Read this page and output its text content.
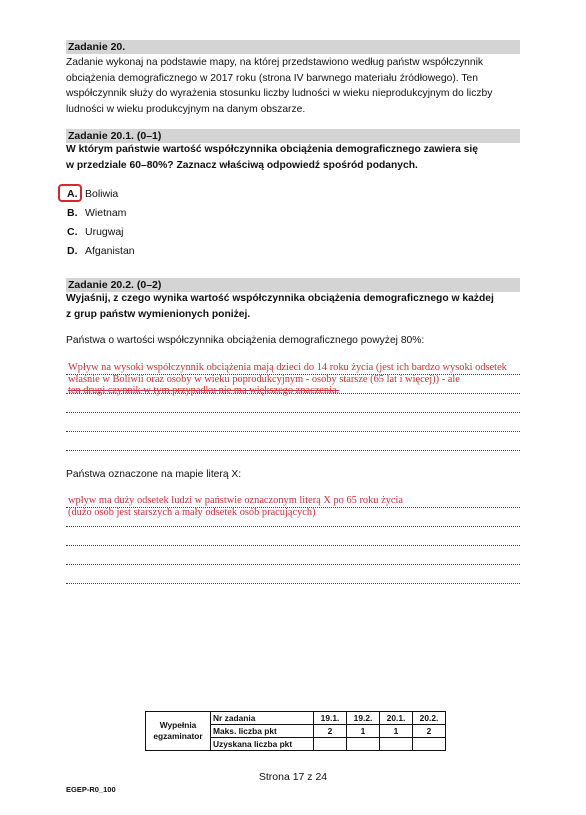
Zadanie 20.
Zadanie wykonaj na podstawie mapy, na której przedstawiono według państw współczynnik
obciążenia demograficznego w 2017 roku (strona IV barwnego materiału źródłowego). Ten
współczynnik służy do wyrażenia stosunku liczby ludności w wieku nieprodukcyjnym do liczby
ludności w wieku produkcyjnym na danym obszarze.
Zadanie 20.1. (0–1)
W którym państwie wartość współczynnika obciążenia demograficznego zawiera się
w przedziale 60–80%? Zaznacz właściwą odpowiedź spośród podanych.
A. Boliwia
B. Wietnam
C. Urugwaj
D. Afganistan
Zadanie 20.2. (0–2)
Wyjaśnij, z czego wynika wartość współczynnika obciążenia demograficznego w każdej
z grup państw wymienionych poniżej.
Państwa o wartości współczynnika obciążenia demograficznego powyżej 80%:
Wpływ na wysoki współczynnik obciążenia mają dzieci do 14 roku życia (jest ich bardzo wysoki odsetek
właśnie w Boliwii oraz osoby w wieku poprodukcyjnym - osoby starsze (65 lat i więcej)) - ale
ten drugi czynnik w tym przypadku nie ma większego znaczenia.
Państwa oznaczone na mapie literą X:
wpływ ma duży odsetek ludzi w państwie oznaczonym literą X po 65 roku życia
(dużo osób jest starszych a mały odsetek osób pracujących)
Wypełnia
egzaminator	Nr zadania	19.1.	19.2.	20.1.	20.2.
	Maks. liczba pkt	2	1	1	2
	Uzyskana liczba pkt				
Strona 17 z 24
EGEP-R0_100
